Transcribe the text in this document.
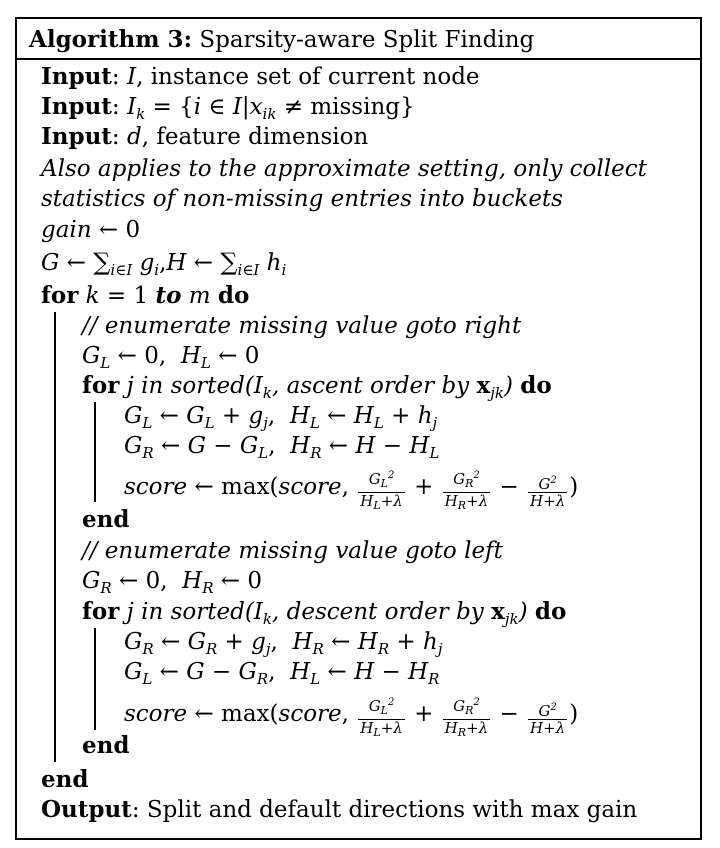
Algorithm 3: Sparsity-aware Split Finding
Input: I, instance set of current node
Input: $I_k = \{i$ ∈ $I|x_{ik} \ne missing$}
Input: d, feature dimension
Also applies to the approximate setting, only collect
statistics of non-missing entries into buckets
gain ← 0
G ← $\sum_{i\in I}$ $g_i,H$ ← $\sum_{i\in I}$ $h_i$
for k = 1 to m do
// enumerate missing value goto right
$G_L$ ← 0,  $H_L$ ← 0
for j in $sorted(I_k$, ascent order by $x_{jk}$) do
$G_L$ ← $G_L + g_j$,  $H_L$ ← $H_L + h_j$
$G_R$ ← $G - G_L$,  $H_R$ ← $H - H_L$
score ← max(score, $\frac{G_L^2}{H_L+\lambda} + \frac{G_R^2}{H_R+\lambda} - \frac{G^2}{H+\lambda}$ )
end
// enumerate missing value goto left
$G_R$ ← 0,  $H_R$ ← 0
for j in $sorted(I_k$, descent order by $x_{jk}$) do
$G_R$ ← $G_R + g_j$,  $H_R$ ← $H_R + h_j$
$G_L$ ← $G - G_R$,  $H_L$ ← $H - H_R$
score ← max(score, $\frac{G_L^2}{H_L+\lambda} + \frac{G_R^2}{H_R+\lambda} - \frac{G^2}{H+\lambda}$ )
end
end
Output: Split and default directions with max gain
